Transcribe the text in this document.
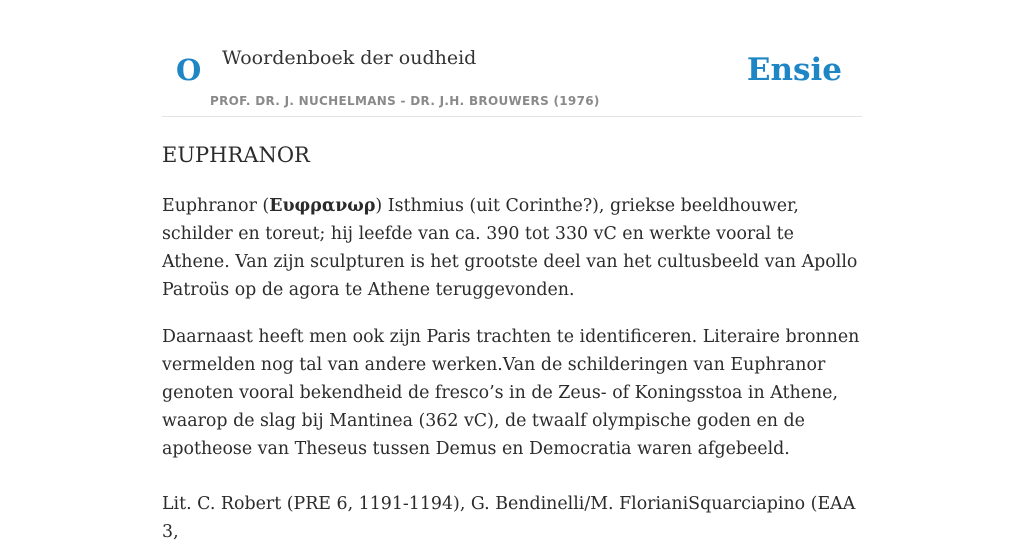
O Woordenboek der oudheid
PROF. DR. J. NUCHELMANS - DR. J.H. BROUWERS (1976)
Ensie
EUPHRANOR

Euphranor (Ευφρανωρ) Isthmius (uit Corinthe?), griekse beeldhouwer, schilder en toreut; hij leefde van ca. 390 tot 330 vC en werkte vooral te Athene. Van zijn sculpturen is het grootste deel van het cultusbeeld van Apollo Patroüs op de agora te Athene teruggevonden.

Daarnaast heeft men ook zijn Paris trachten te identificeren. Literaire bronnen vermelden nog tal van andere werken.Van de schilderingen van Euphranor genoten vooral bekendheid de fresco’s in de Zeus- of Koningsstoa in Athene, waarop de slag bij Mantinea (362 vC), de twaalf olympische goden en de apotheose van Theseus tussen Demus en Democratia waren afgebeeld.

Lit. C. Robert (PRE 6, 1191-1194), G. Bendinelli/M. FlorianiSquarciapino (EAA 3,
